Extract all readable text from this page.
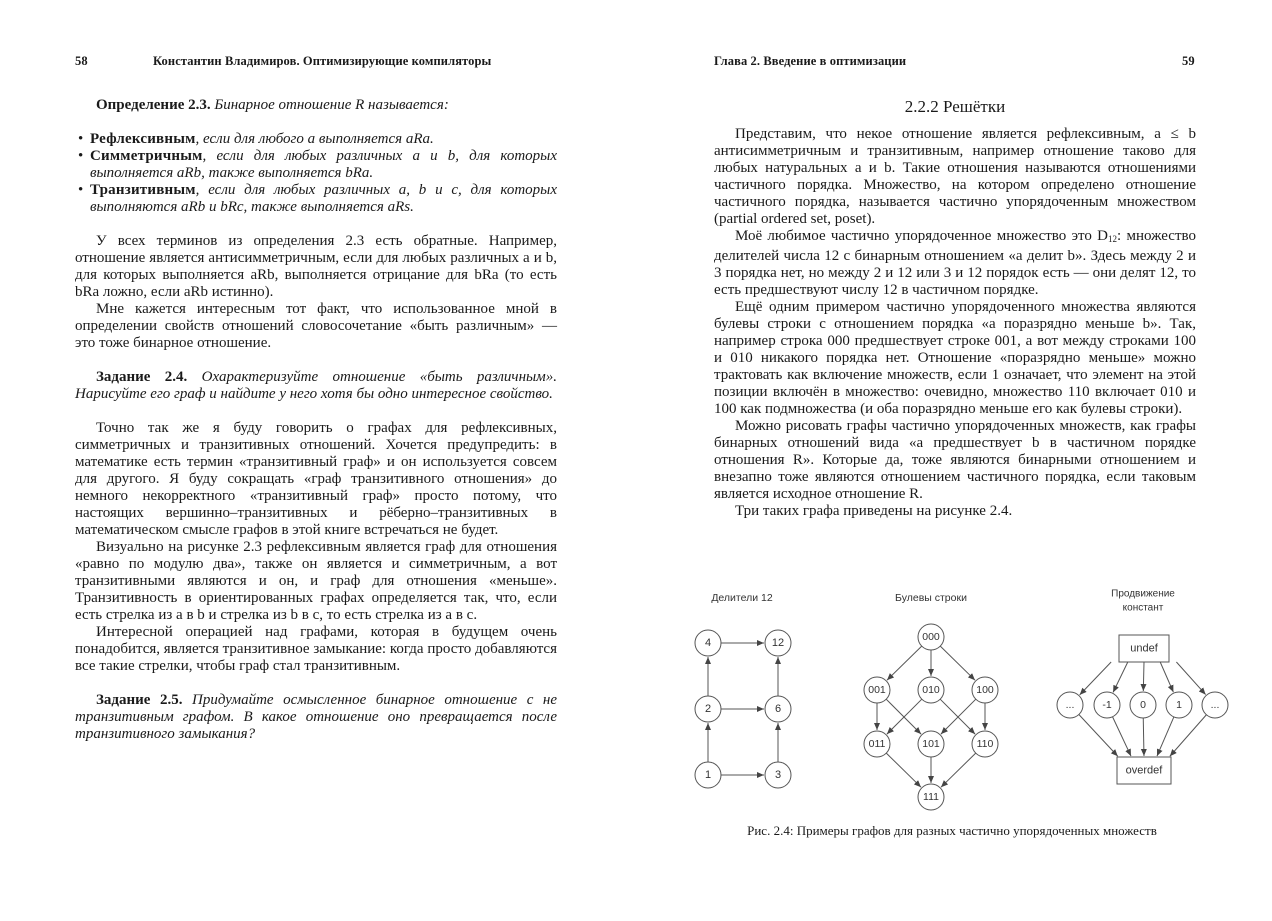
58	Константин Владимиров. Оптимизирующие компиляторы

Определение 2.3. Бинарное отношение R называется:

• Рефлексивным, если для любого a выполняется aRa.
• Симметричным, если для любых различных a и b, для которых выполняется aRb, также выполняется bRa.
• Транзитивным, если для любых различных a, b и c, для которых выполняются aRb и bRc, также выполняется aRs.

У всех терминов из определения 2.3 есть обратные. Например, отношение является антисимметричным, если для любых различных a и b, для которых выполняется aRb, выполняется отрицание для bRa (то есть bRa ложно, если aRb истинно).

Мне кажется интересным тот факт, что использованное мной в определении свойств отношений словосочетание «быть различным» — это тоже бинарное отношение.

Задание 2.4. Охарактеризуйте отношение «быть различным». Нарисуйте его граф и найдите у него хотя бы одно интересное свойство.

Точно так же я буду говорить о графах для рефлексивных, симметричных и транзитивных отношений. Хочется предупредить: в математике есть термин «транзитивный граф» и он используется совсем для другого. Я буду сокращать «граф транзитивного отношения» до немного некорректного «транзитивный граф» просто потому, что настоящих вершинно–транзитивных и рёберно–транзитивных в математическом смысле графов в этой книге встречаться не будет.

Визуально на рисунке 2.3 рефлексивным является граф для отношения «равно по модулю два», также он является и симметричным, а вот транзитивными являются и он, и граф для отношения «меньше». Транзитивность в ориентированных графах определяется так, что, если есть стрелка из a в b и стрелка из b в c, то есть стрелка из a в c.

Интересной операцией над графами, которая в будущем очень понадобится, является транзитивное замыкание: когда просто добавляются все такие стрелки, чтобы граф стал транзитивным.

Задание 2.5. Придумайте осмысленное бинарное отношение с не транзитивным графом. В какое отношение оно превращается после транзитивного замыкания?

Глава 2. Введение в оптимизации	59
2.2.2 Решётки

Представим, что некое отношение является рефлексивным, a ≤ b антисимметричным и транзитивным, например отношение таково для любых натуральных a и b. Такие отношения называются отношениями частичного порядка. Множество, на котором определено отношение частичного порядка, называется частично упорядоченным множеством (partial ordered set, poset).

Моё любимое частично упорядоченное множество это $D_{12}$: множество делителей числа 12 с бинарным отношением «a делит b». Здесь между 2 и 3 порядка нет, но между 2 и 12 или 3 и 12 порядок есть — они делят 12, то есть предшествуют числу 12 в частичном порядке.

Ещё одним примером частично упорядоченного множества являются булевы строки с отношением порядка «a поразрядно меньше b». Так, например строка 000 предшествует строке 001, а вот между строками 100 и 010 никакого порядка нет. Отношение «поразрядно меньше» можно трактовать как включение множеств, если 1 означает, что элемент на этой позиции включён в множество: очевидно, множество 110 включает 010 и 100 как подмножества (и оба поразрядно меньше его как булевы строки).

Можно рисовать графы частично упорядоченных множеств, как графы бинарных отношений вида «a предшествует b в частичном порядке отношения R». Которые да, тоже являются бинарными отношением и внезапно тоже являются отношением частичного порядка, если таковым является исходное отношение R.

Три таких графа приведены на рисунке 2.4.

Делители 12
4	12
2	6
1	3
Булевы строки
000
001	010	100
011	101	110
111
Продвижение
констант
undef
overdef
...	-1	0	1	...
Рис. 2.4: Примеры графов для разных частично упорядоченных множеств
